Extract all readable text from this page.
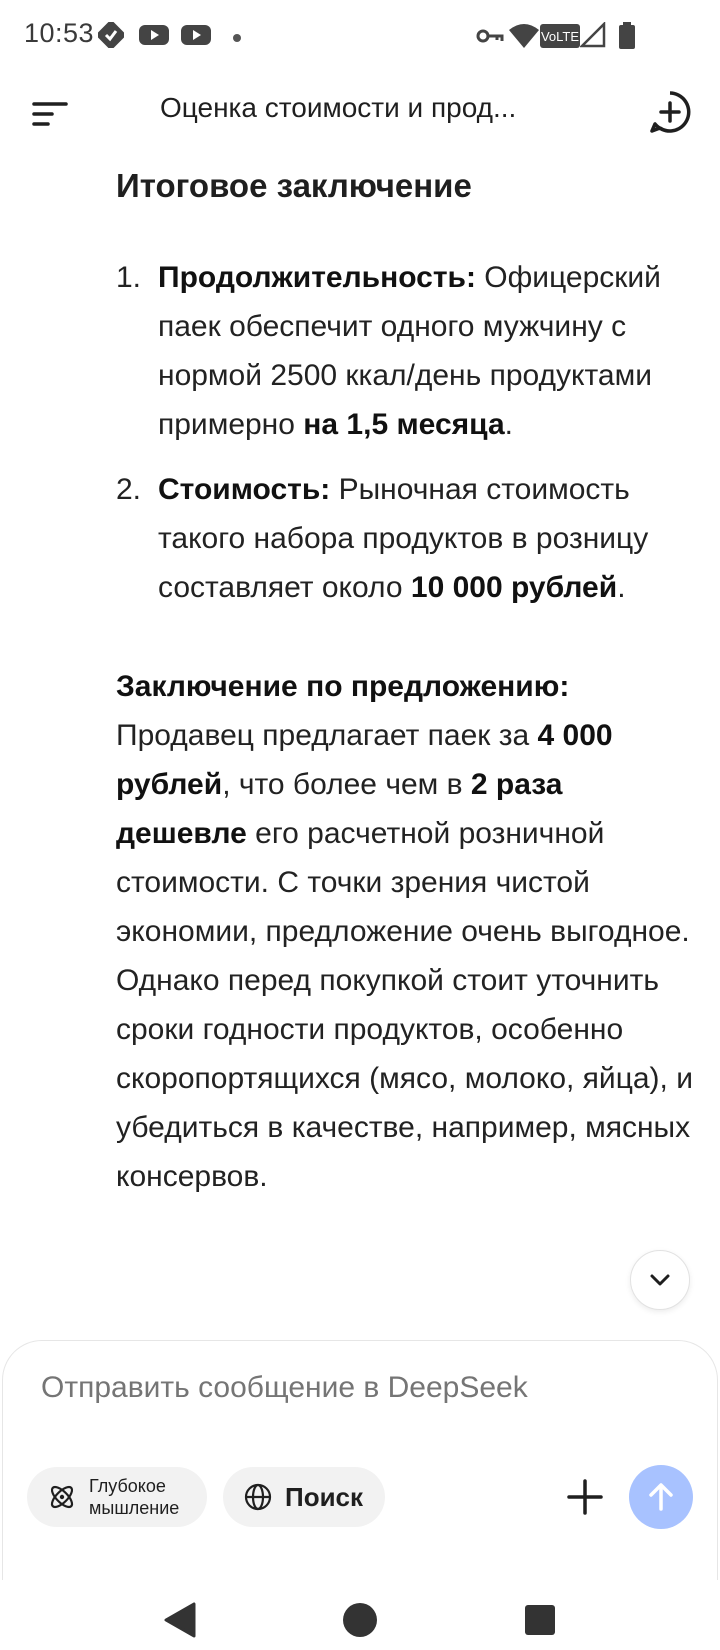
10:53	VoLTE
Оценка стоимости и прод...
Итоговое заключение
1. Продолжительность: Офицерский паек обеспечит одного мужчину с нормой 2500 ккал/день продуктами примерно на 1,5 месяца.
2. Стоимость: Рыночная стоимость такого набора продуктов в розницу составляет около 10 000 рублей.
Заключение по предложению: Продавец предлагает паек за 4 000 рублей, что более чем в 2 раза дешевле его расчетной розничной стоимости. С точки зрения чистой экономии, предложение очень выгодное. Однако перед покупкой стоит уточнить сроки годности продуктов, особенно скоропортящихся (мясо, молоко, яйца), и убедиться в качестве, например, мясных консервов.
Отправить сообщение в DeepSeek
Глубокое мышление	Поиск
